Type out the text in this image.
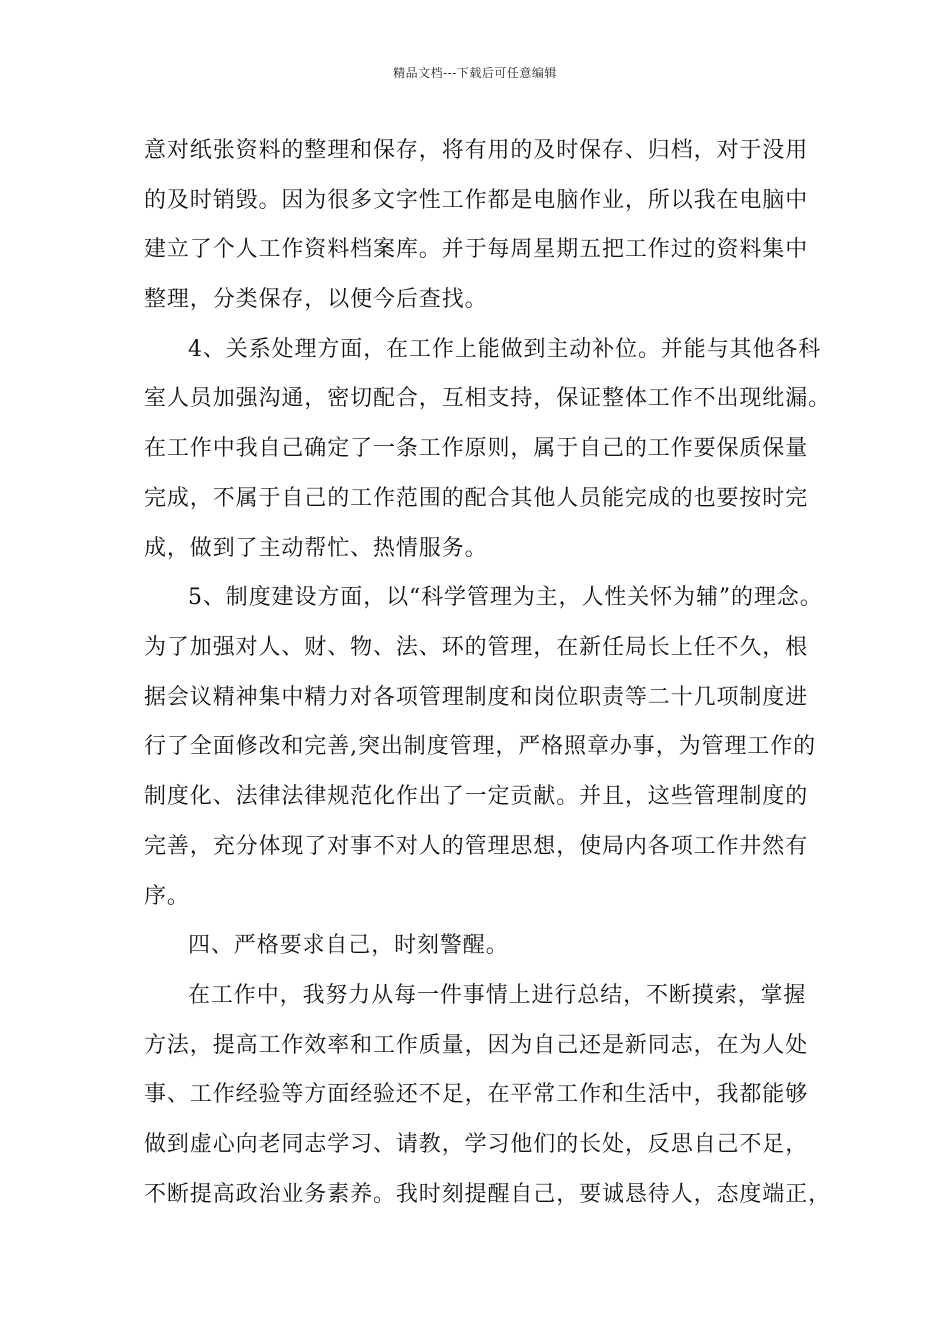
精品文档---下载后可任意编辑
意对纸张资料的整理和保存，将有用的及时保存、归档，对于没用
的及时销毁。因为很多文字性工作都是电脑作业，所以我在电脑中
建立了个人工作资料档案库。并于每周星期五把工作过的资料集中
整理，分类保存，以便今后查找。
4、关系处理方面，在工作上能做到主动补位。并能与其他各科
室人员加强沟通，密切配合，互相支持，保证整体工作不出现纰漏。
在工作中我自己确定了一条工作原则，属于自己的工作要保质保量
完成，不属于自己的工作范围的配合其他人员能完成的也要按时完
成，做到了主动帮忙、热情服务。
5、制度建设方面，以“科学管理为主，人性关怀为辅”的理念。
为了加强对人、财、物、法、环的管理，在新任局长上任不久，根
据会议精神集中精力对各项管理制度和岗位职责等二十几项制度进
行了全面修改和完善,突出制度管理，严格照章办事，为管理工作的
制度化、法律法律规范化作出了一定贡献。并且，这些管理制度的
完善，充分体现了对事不对人的管理思想，使局内各项工作井然有
序。
四、严格要求自己，时刻警醒。
在工作中，我努力从每一件事情上进行总结，不断摸索，掌握
方法，提高工作效率和工作质量，因为自己还是新同志，在为人处
事、工作经验等方面经验还不足，在平常工作和生活中，我都能够
做到虚心向老同志学习、请教，学习他们的长处，反思自己不足，
不断提高政治业务素养。我时刻提醒自己，要诚恳待人，态度端正，
